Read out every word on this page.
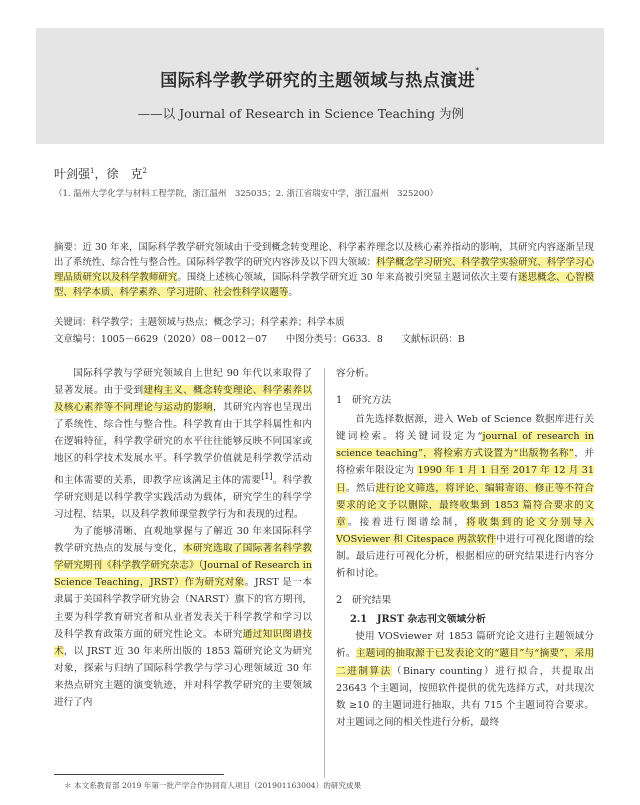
国际科学教学研究的主题领域与热点演进*
——以 Journal of Research in Science Teaching 为例
叶剑强$^1$，徐　克$^2$
（1. 温州大学化学与材料工程学院，浙江温州　325035；2. 浙江省瑞安中学，浙江温州　325200）
摘要：近 30 年来，国际科学教学研究领域由于受到概念转变理论、科学素养理念以及核心素养指动的影响，其研究内容逐渐呈现出了系统性、综合性与整合性。国际科学教学的研究内容涉及以下四大领域：科学概念学习研究、科学教学实验研究、科学学习心理品质研究以及科学教师研究。围绕上述核心领域，国际科学教学研究近 30 年来高被引突显主题词依次主要有迷思概念、心智模型、科学本质、科学素养、学习进阶、社会性科学议题等。
关键词：科学教学；主题领域与热点；概念学习；科学素养；科学本质
文章编号：1005－6629（2020）08－0012－07　　 中图分类号：G633．8　　 文献标识码：B

国际科学教与学研究领域自上世纪 90 年代以来取得了显著发展。由于受到建构主义、概念转变理论、科学素养以及核心素养等不同理论与运动的影响，其研究内容也呈现出了系统性、综合性与整合性。科学教育由于其学科属性和内在逻辑特征，科学教学研究的水平往往能够反映不同国家或地区的科学技术发展水平。科学教学价值就是科学教学活动和主体需要的关系，即教学应该满足主体的需要[1]。科学教学研究则是以科学教学实践活动为载体，研究学生的科学学习过程、结果，以及科学教师课堂教学行为和表现的过程。

为了能够清晰、直观地掌握与了解近 30 年来国际科学教学研究热点的发展与变化，本研究选取了国际著名科学教学研究期刊《科学教学研究杂志》（Journal of Research in Science Teaching，JRST）作为研究对象。JRST 是一本隶属于美国科学教学研究协会（NARST）旗下的官方期刊，主要为科学教育研究者和从业者发表关于科学教学和学习以及科学教育政策方面的研究性论文。本研究通过知识图谱技术，以 JRST 近 30 年来所出版的 1853 篇研究论文为研究对象，探索与归纳了国际科学教学与学习心理领域近 30 年来热点研究主题的演变轨迹，并对科学教学研究的主要领域进行了内

容分析。

1　研究方法

首先选择数据源，进入 Web of Science 数据库进行关键词检索。将关键词设定为“journal of research in science teaching”，将检索方式设置为“出版物名称”，并将检索年限设定为 1990 年 1 月 1 日至 2017 年 12 月 31 日。然后进行论文筛选，将评论、编辑寄语、修正等不符合要求的论文予以删除，最终收集到 1853 篇符合要求的文章。接着进行图谱绘制，将收集到的论文分别导入 VOSviewer 和 Citespace 两款软件中进行可视化图谱的绘制。最后进行可视化分析，根据相应的研究结果进行内容分析和讨论。

2　研究结果
2.1　JRST 杂志刊文领域分析

使用 VOSviewer 对 1853 篇研究论文进行主题领域分析。主题词的抽取源于已发表论文的“题目”与“摘要”，采用二进制算法（Binary counting）进行拟合，共提取出 23643 个主题词，按照软件提供的优先选择方式，对共现次数 ≥10 的主题词进行抽取，共有 715 个主题词符合要求。对主题词之间的相关性进行分析，最终

＊ 本文系教育部 2019 年第一批产学合作协同育人项目（201901163004）的研究成果
